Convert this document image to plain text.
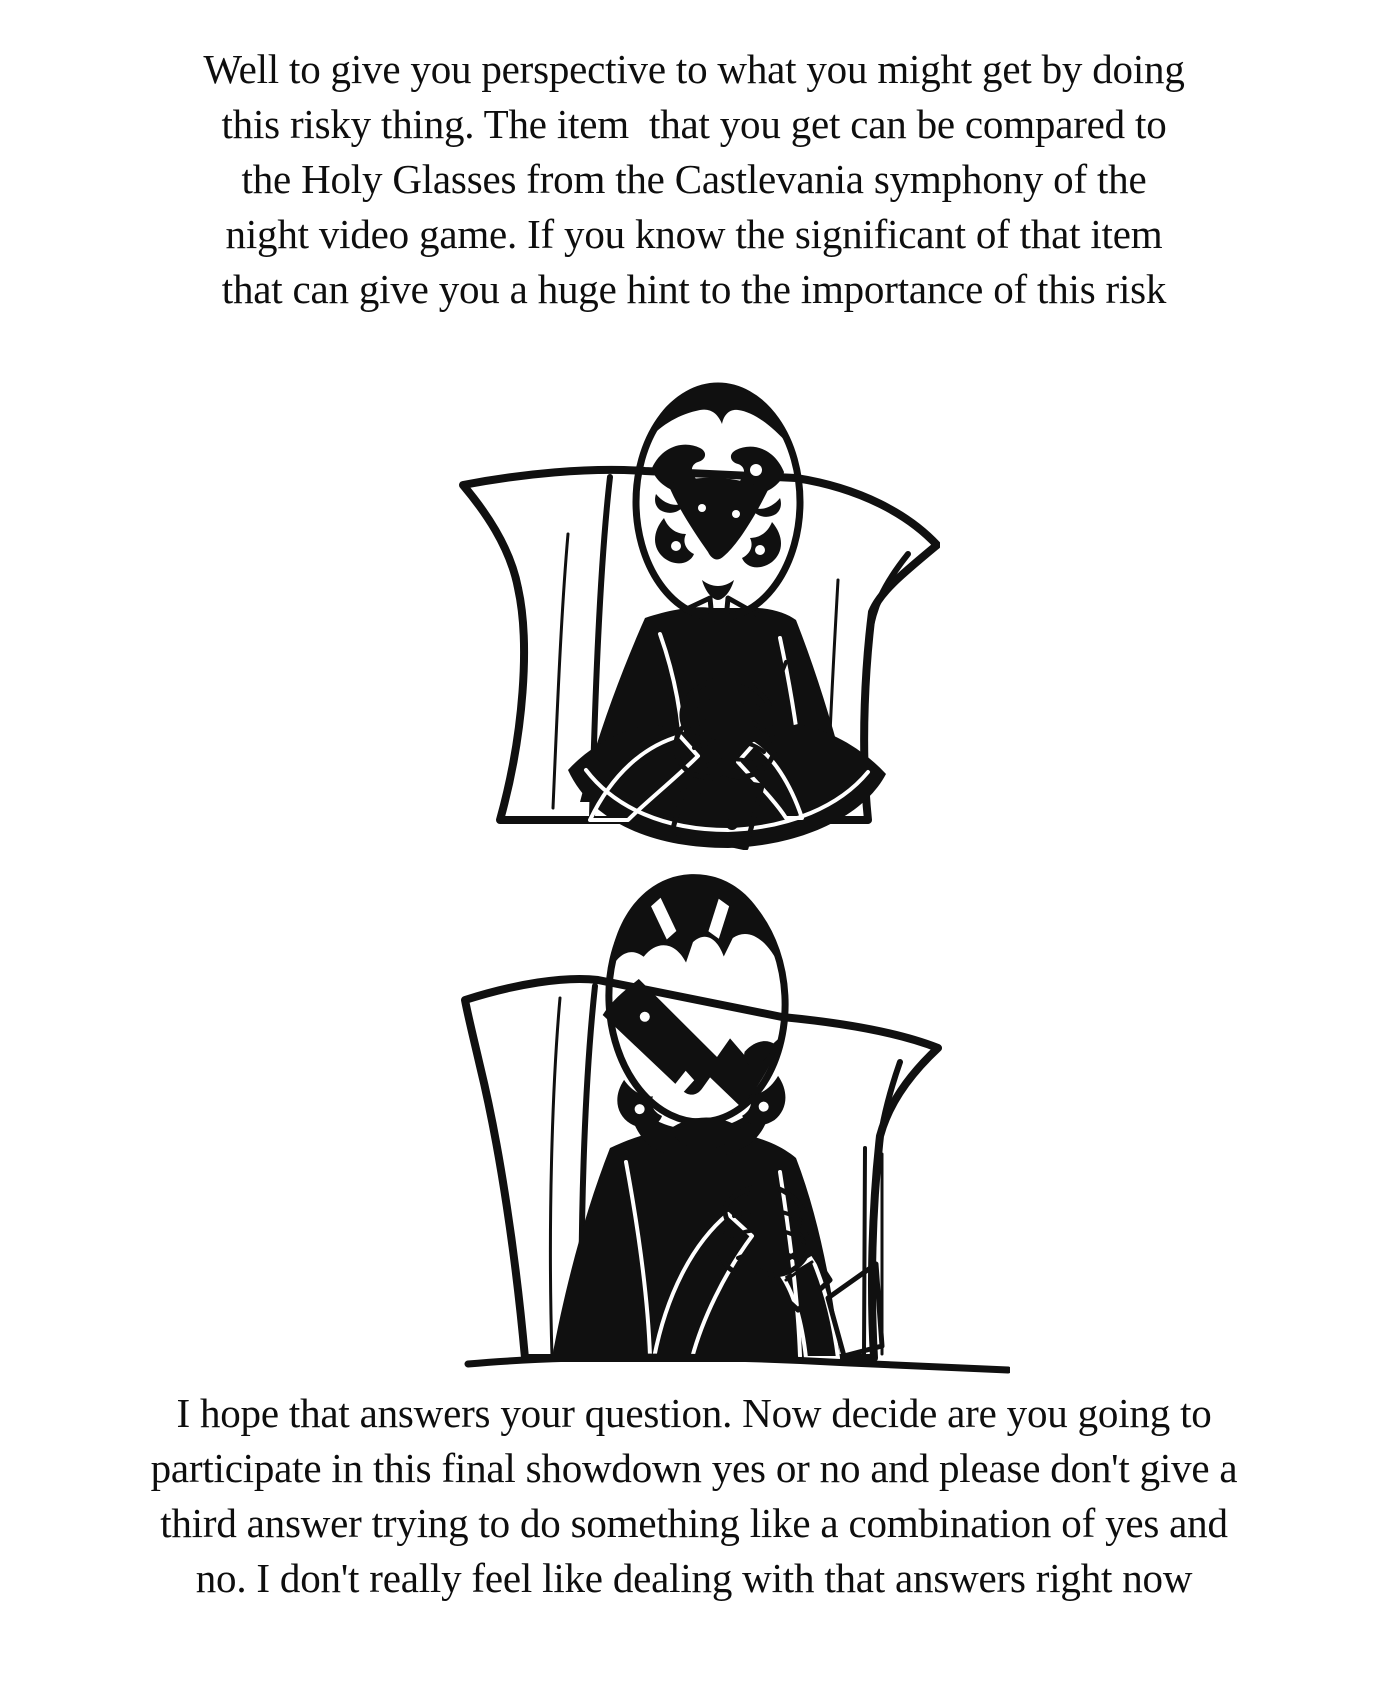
Well to give you perspective to what you might get by doing
this risky thing. The item  that you get can be compared to
the Holy Glasses from the Castlevania symphony of the
night video game. If you know the significant of that item
that can give you a huge hint to the importance of this risk
I hope that answers your question. Now decide are you going to
participate in this final showdown yes or no and please don't give a
third answer trying to do something like a combination of yes and
no. I don't really feel like dealing with that answers right now
